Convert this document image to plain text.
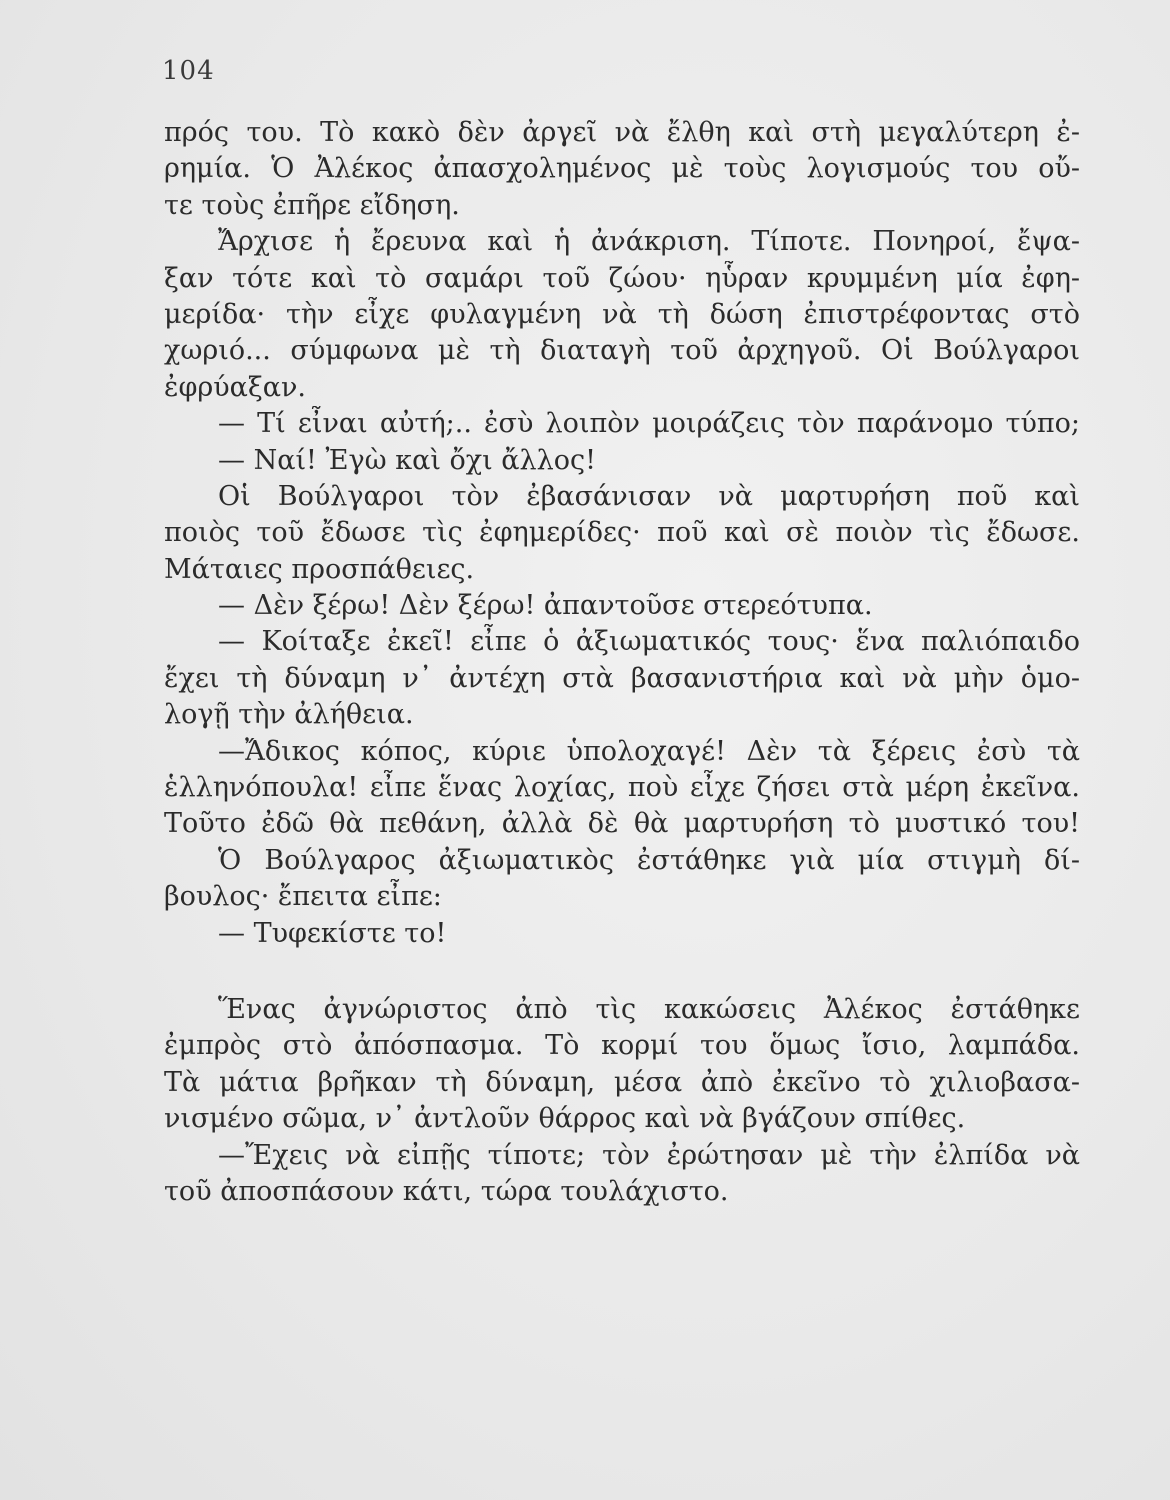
104
πρός του. Τὸ κακὸ δὲν ἀργεῖ νὰ ἔλθη καὶ στὴ μεγαλύτερη ἐ-
ρημία. Ὁ Ἀλέκος ἀπασχολημένος μὲ τοὺς λογισμούς του οὔ-
τε τοὺς ἐπῆρε εἴδηση.
Ἄρχισε ἡ ἔρευνα καὶ ἡ ἀνάκριση. Τίποτε. Πονηροί, ἔψα-
ξαν τότε καὶ τὸ σαμάρι τοῦ ζώου· ηὗραν κρυμμένη μία ἐφη-
μερίδα· τὴν εἶχε φυλαγμένη νὰ τὴ δώση ἐπιστρέφοντας στὸ
χωριό... σύμφωνα μὲ τὴ διαταγὴ τοῦ ἀρχηγοῦ. Οἱ Βούλγαροι
ἐφρύαξαν.
— Τί εἶναι αὐτή;.. ἐσὺ λοιπὸν μοιράζεις τὸν παράνομο τύπο;
— Ναί! Ἐγὼ καὶ ὄχι ἄλλος!
Οἱ Βούλγαροι τὸν ἐβασάνισαν νὰ μαρτυρήση ποῦ καὶ
ποιὸς τοῦ ἔδωσε τὶς ἐφημερίδες· ποῦ καὶ σὲ ποιὸν τὶς ἔδωσε.
Μάταιες προσπάθειες.
— Δὲν ξέρω! Δὲν ξέρω! ἀπαντοῦσε στερεότυπα.
— Κοίταξε ἐκεῖ! εἶπε ὁ ἀξιωματικός τους· ἕνα παλιόπαιδο
ἔχει τὴ δύναμη ν᾿ ἀντέχη στὰ βασανιστήρια καὶ νὰ μὴν ὁμο-
λογῇ τὴν ἀλήθεια.
—Ἄδικος κόπος, κύριε ὑπολοχαγέ! Δὲν τὰ ξέρεις ἐσὺ τὰ
ἑλληνόπουλα! εἶπε ἕνας λοχίας, ποὺ εἶχε ζήσει στὰ μέρη ἐκεῖνα.
Τοῦτο ἐδῶ θὰ πεθάνη, ἀλλὰ δὲ θὰ μαρτυρήση τὸ μυστικό του!
Ὁ Βούλγαρος ἀξιωματικὸς ἐστάθηκε γιὰ μία στιγμὴ δί-
βουλος· ἔπειτα εἶπε:
— Τυφεκίστε το!
Ἕνας ἀγνώριστος ἀπὸ τὶς κακώσεις Ἀλέκος ἐστάθηκε
ἐμπρὸς στὸ ἀπόσπασμα. Τὸ κορμί του ὅμως ἴσιο, λαμπάδα.
Τὰ μάτια βρῆκαν τὴ δύναμη, μέσα ἀπὸ ἐκεῖνο τὸ χιλιοβασα-
νισμένο σῶμα, ν᾿ ἀντλοῦν θάρρος καὶ νὰ βγάζουν σπίθες.
—Ἔχεις νὰ εἰπῇς τίποτε; τὸν ἐρώτησαν μὲ τὴν ἐλπίδα νὰ
τοῦ ἀποσπάσουν κάτι, τώρα τουλάχιστο.
